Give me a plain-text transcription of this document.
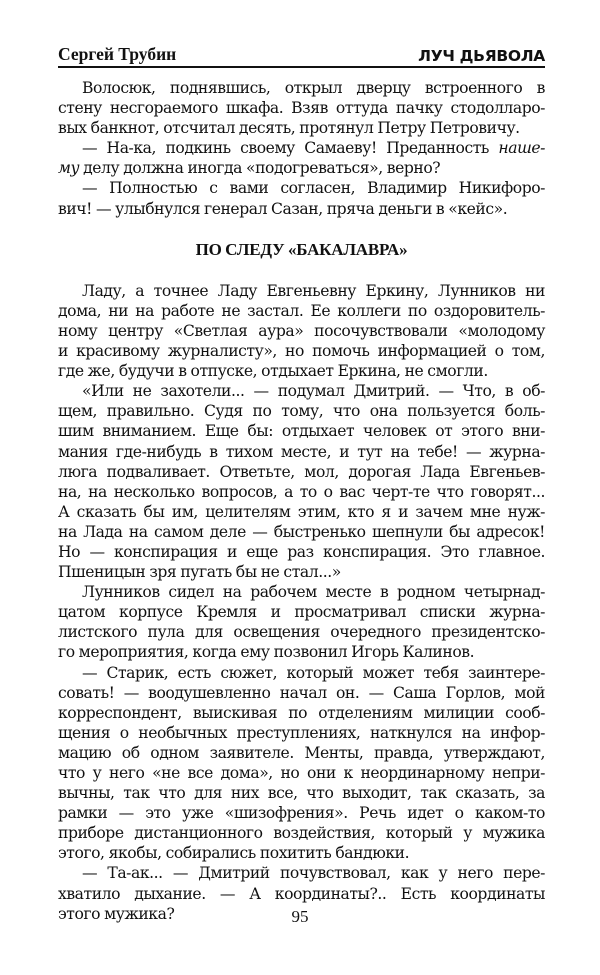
Сергей Трубин	ЛУЧ ДЬЯВОЛА

Волосюк, поднявшись, открыл дверцу встроенного в
стену несгораемого шкафа. Взяв оттуда пачку стодолларо-
вых банкнот, отсчитал десять, протянул Петру Петровичу.

— На-ка, подкинь своему Самаеву! Преданность наше-
му делу должна иногда «подогреваться», верно?

— Полностью с вами согласен, Владимир Никифоро-
вич! — улыбнулся генерал Сазан, пряча деньги в «кейс».

ПО СЛЕДУ «БАКАЛАВРА»

Ладу, а точнее Ладу Евгеньевну Еркину, Лунников ни
дома, ни на работе не застал. Ее коллеги по оздоровитель-
ному центру «Светлая аура» посочувствовали «молодому
и красивому журналисту», но помочь информацией о том,
где же, будучи в отпуске, отдыхает Еркина, не смогли.

«Или не захотели... — подумал Дмитрий. — Что, в об-
щем, правильно. Судя по тому, что она пользуется боль-
шим вниманием. Еще бы: отдыхает человек от этого вни-
мания где-нибудь в тихом месте, и тут на тебе! — журна-
люга подваливает. Ответьте, мол, дорогая Лада Евгеньев-
на, на несколько вопросов, а то о вас черт-те что говорят...
А сказать бы им, целителям этим, кто я и зачем мне нуж-
на Лада на самом деле — быстренько шепнули бы адресок!
Но — конспирация и еще раз конспирация. Это главное.
Пшеницын зря пугать бы не стал...»

Лунников сидел на рабочем месте в родном четырнад-
цатом корпусе Кремля и просматривал списки журна-
листского пула для освещения очередного президентско-
го мероприятия, когда ему позвонил Игорь Калинов.

— Старик, есть сюжет, который может тебя заинтере-
совать! — воодушевленно начал он. — Саша Горлов, мой
корреспондент, выискивая по отделениям милиции сооб-
щения о необычных преступлениях, наткнулся на инфор-
мацию об одном заявителе. Менты, правда, утверждают,
что у него «не все дома», но они к неординарному непри-
вычны, так что для них все, что выходит, так сказать, за
рамки — это уже «шизофрения». Речь идет о каком-то
приборе дистанционного воздействия, который у мужика
этого, якобы, собирались похитить бандюки.

— Та-ак... — Дмитрий почувствовал, как у него пере-
хватило дыхание. — А координаты?.. Есть координаты
этого мужика?	95
